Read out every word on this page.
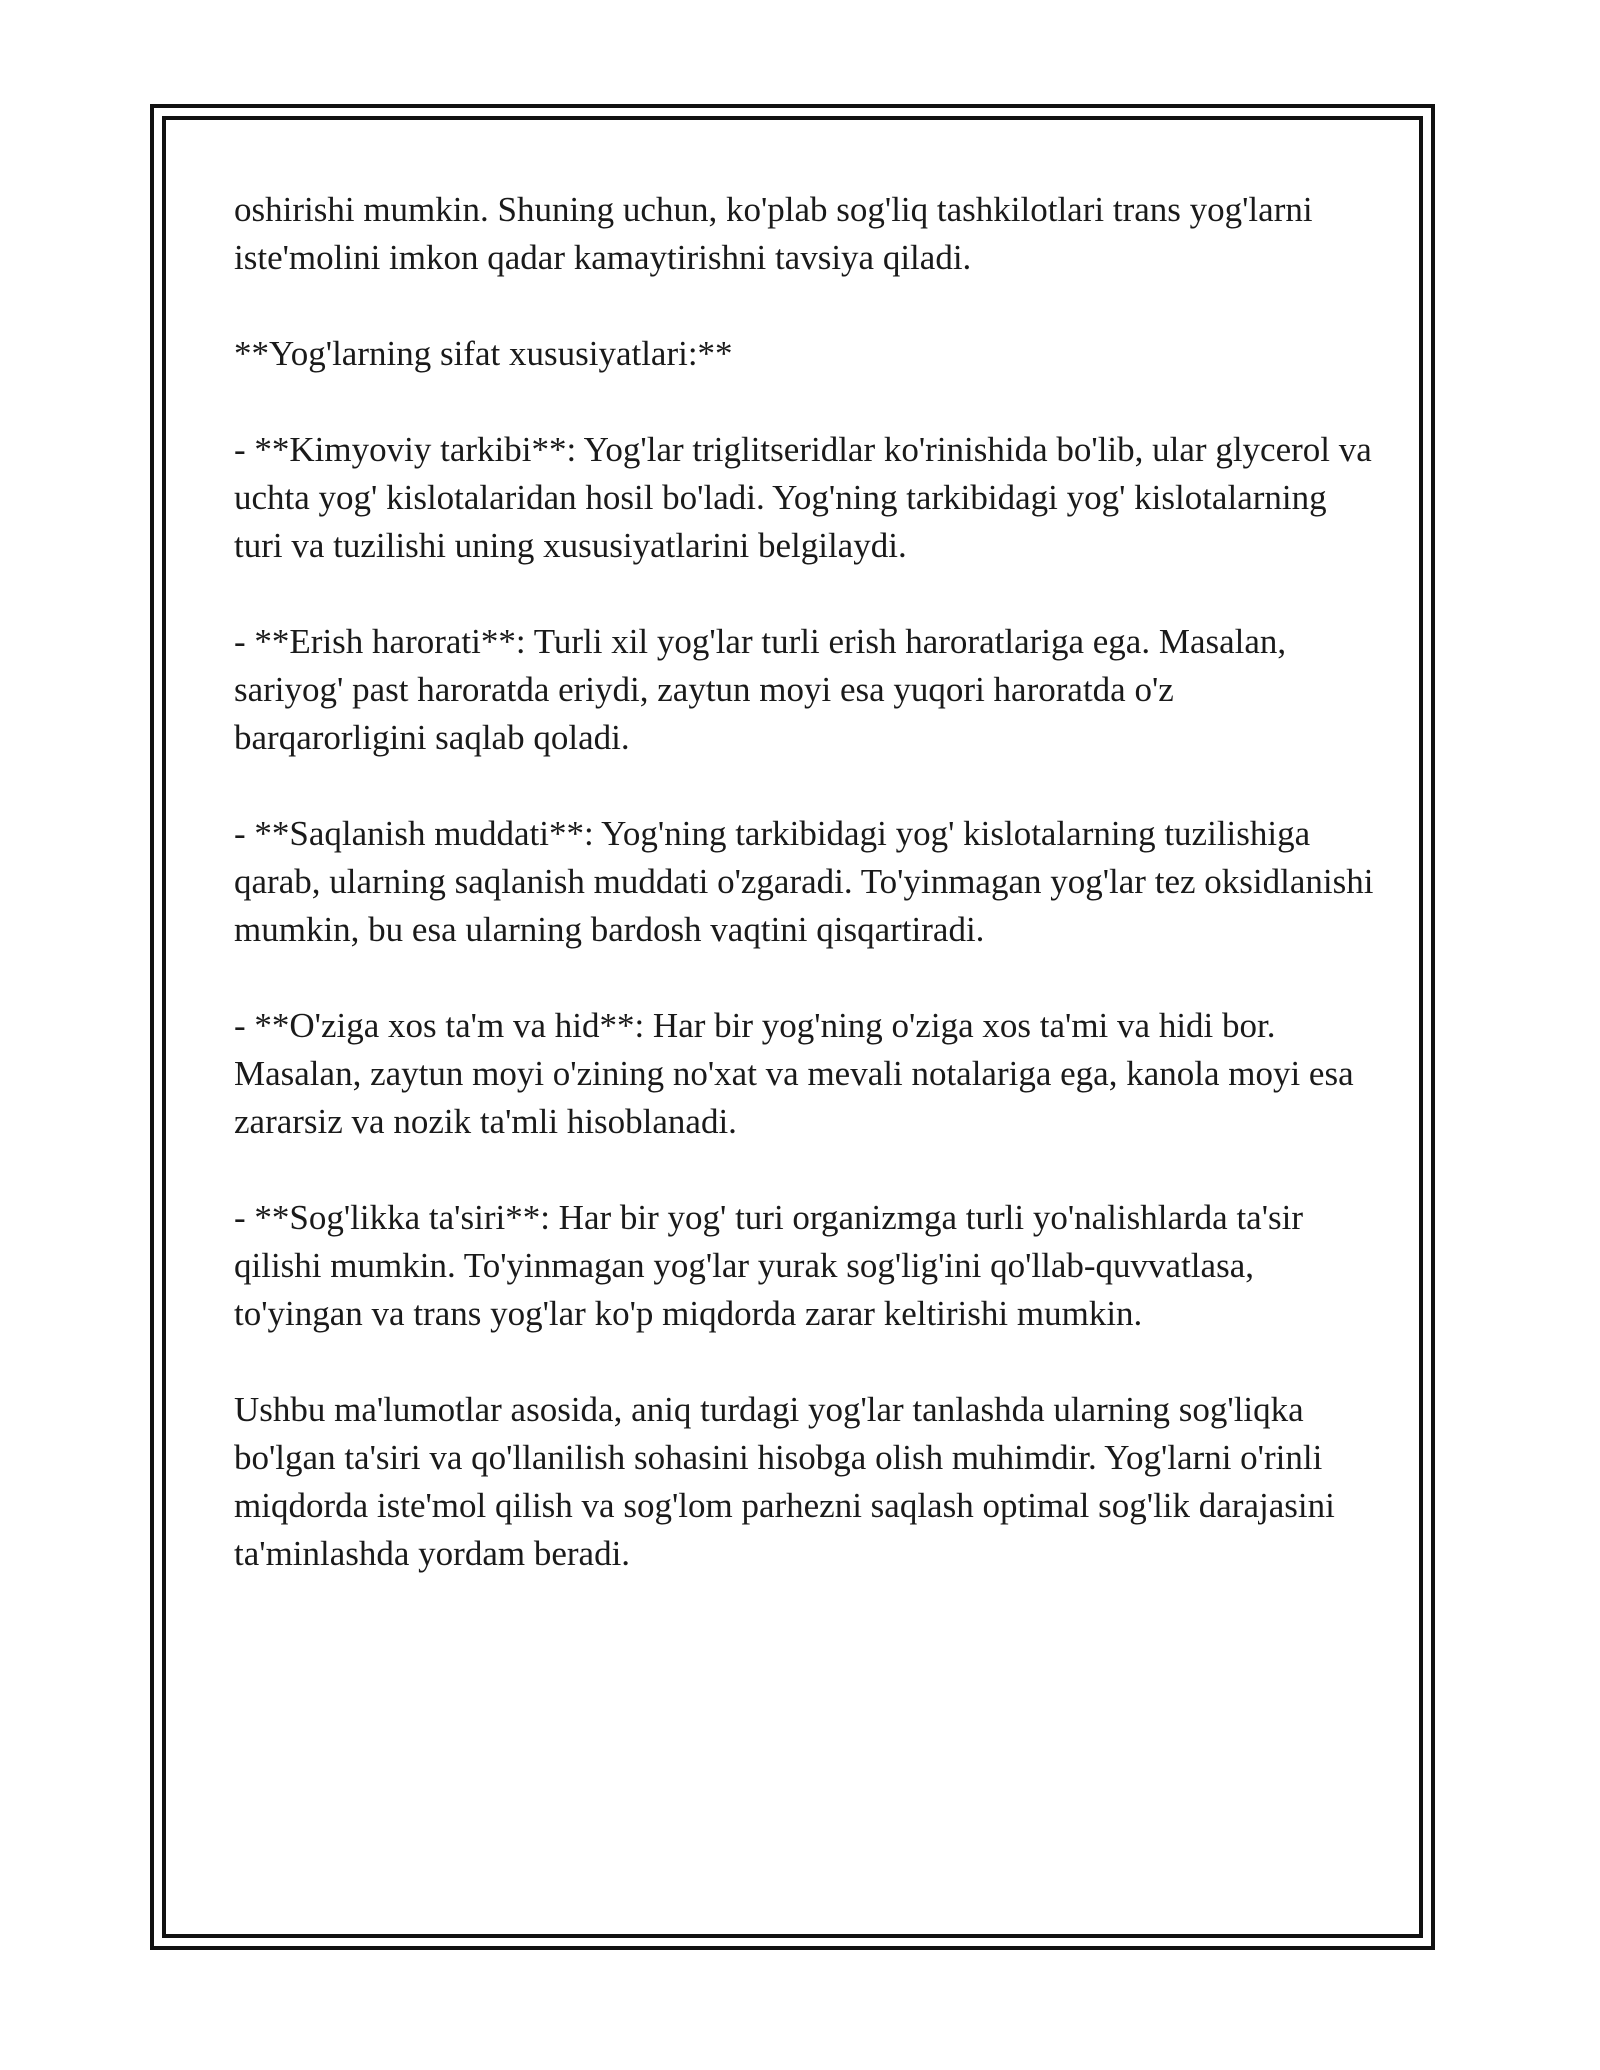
oshirishi mumkin. Shuning uchun, ko'plab sog'liq tashkilotlari trans yog'larni iste'molini imkon qadar kamaytirishni tavsiya qiladi.

**Yog'larning sifat xususiyatlari:**

- **Kimyoviy tarkibi**: Yog'lar triglitseridlar ko'rinishida bo'lib, ular glycerol va uchta yog' kislotalaridan hosil bo'ladi. Yog'ning tarkibidagi yog' kislotalarning turi va tuzilishi uning xususiyatlarini belgilaydi.

- **Erish harorati**: Turli xil yog'lar turli erish haroratlariga ega. Masalan, sariyog' past haroratda eriydi, zaytun moyi esa yuqori haroratda o'z barqarorligini saqlab qoladi.

- **Saqlanish muddati**: Yog'ning tarkibidagi yog' kislotalarning tuzilishiga qarab, ularning saqlanish muddati o'zgaradi. To'yinmagan yog'lar tez oksidlanishi mumkin, bu esa ularning bardosh vaqtini qisqartiradi.

- **O'ziga xos ta'm va hid**: Har bir yog'ning o'ziga xos ta'mi va hidi bor. Masalan, zaytun moyi o'zining no'xat va mevali notalariga ega, kanola moyi esa zararsiz va nozik ta'mli hisoblanadi.

- **Sog'likka ta'siri**: Har bir yog' turi organizmga turli yo'nalishlarda ta'sir qilishi mumkin. To'yinmagan yog'lar yurak sog'lig'ini qo'llab-quvvatlasa, to'yingan va trans yog'lar ko'p miqdorda zarar keltirishi mumkin.

Ushbu ma'lumotlar asosida, aniq turdagi yog'lar tanlashda ularning sog'liqka bo'lgan ta'siri va qo'llanilish sohasini hisobga olish muhimdir. Yog'larni o'rinli miqdorda iste'mol qilish va sog'lom parhezni saqlash optimal sog'lik darajasini ta'minlashda yordam beradi.
